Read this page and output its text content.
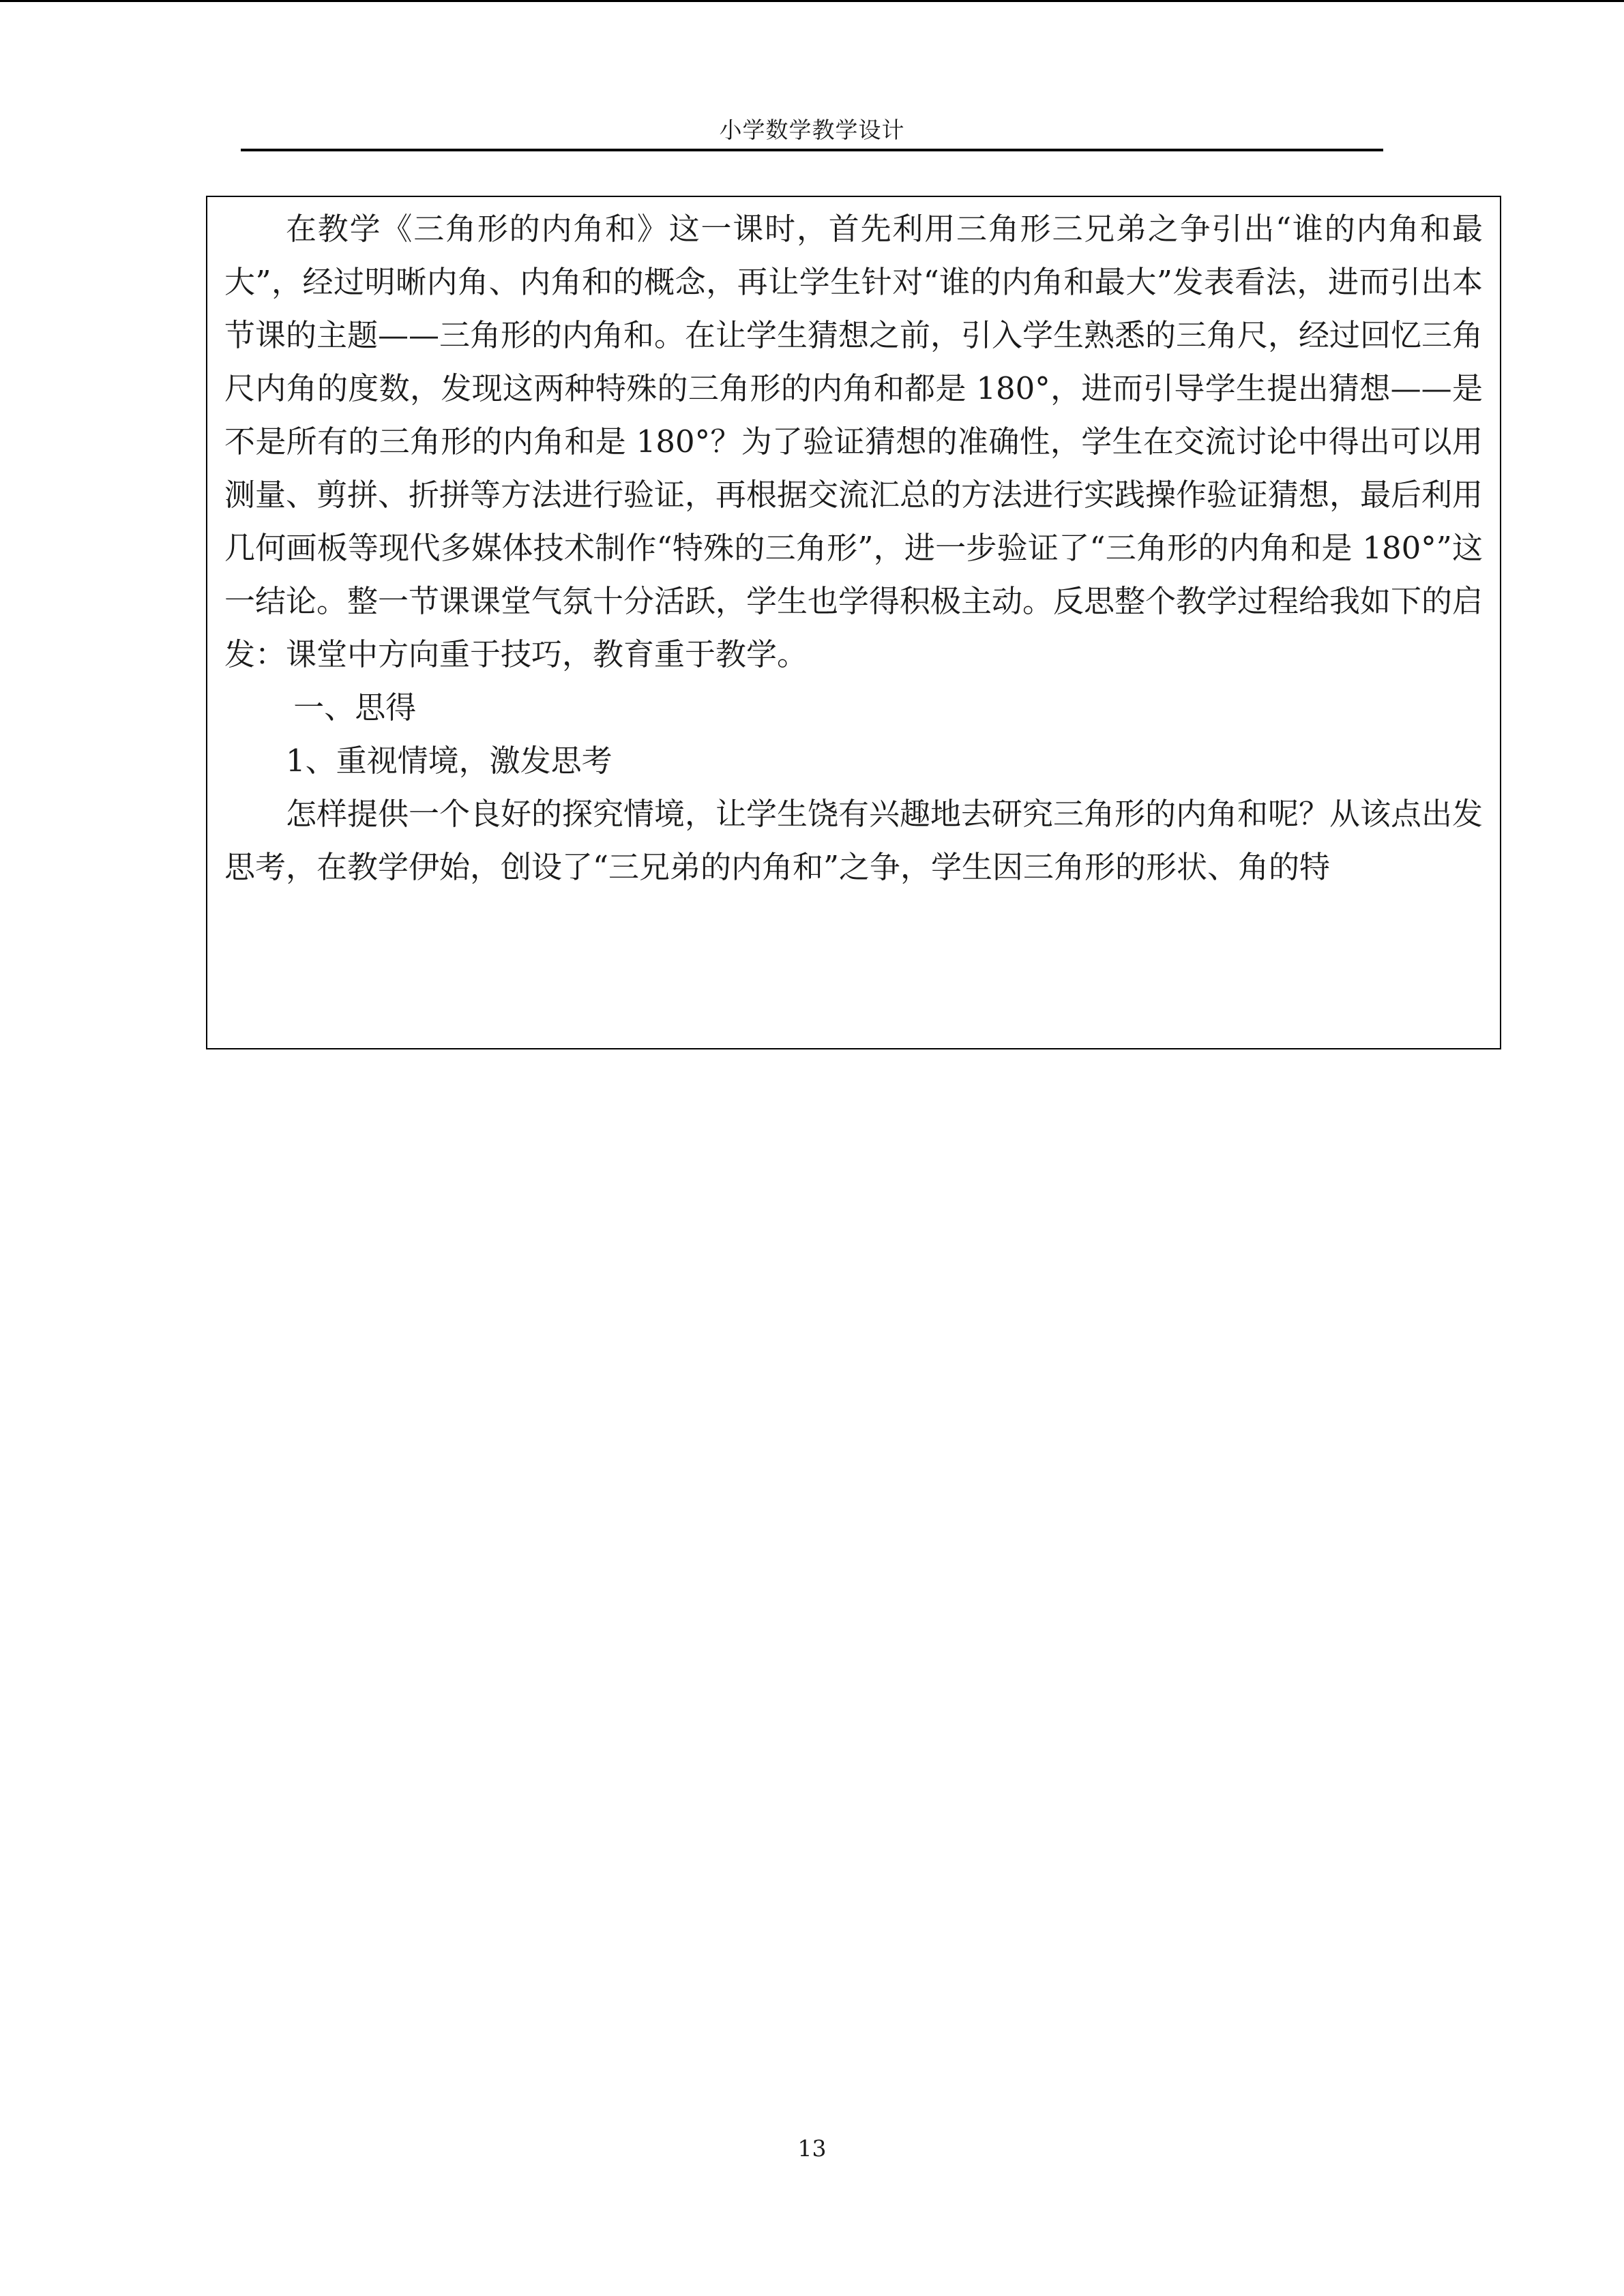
小学数学教学设计

在教学《三角形的内角和》这一课时，首先利用三角形三兄弟之争引出“谁的内角和最大”，经过明晰内角、内角和的概念，再让学生针对“谁的内角和最大”发表看法，进而引出本节课的主题——三角形的内角和。在让学生猜想之前，引入学生熟悉的三角尺，经过回忆三角尺内角的度数，发现这两种特殊的三角形的内角和都是 180°，进而引导学生提出猜想——是不是所有的三角形的内角和是 180°？为了验证猜想的准确性，学生在交流讨论中得出可以用测量、剪拼、折拼等方法进行验证，再根据交流汇总的方法进行实践操作验证猜想，最后利用几何画板等现代多媒体技术制作“特殊的三角形”，进一步验证了“三角形的内角和是 180°”这一结论。整一节课课堂气氛十分活跃，学生也学得积极主动。反思整个教学过程给我如下的启发：课堂中方向重于技巧，教育重于教学。

一、思得

1、重视情境，激发思考

怎样提供一个良好的探究情境，让学生饶有兴趣地去研究三角形的内角和呢？从该点出发思考，在教学伊始，创设了“三兄弟的内角和”之争，学生因三角形的形状、角的特

13
